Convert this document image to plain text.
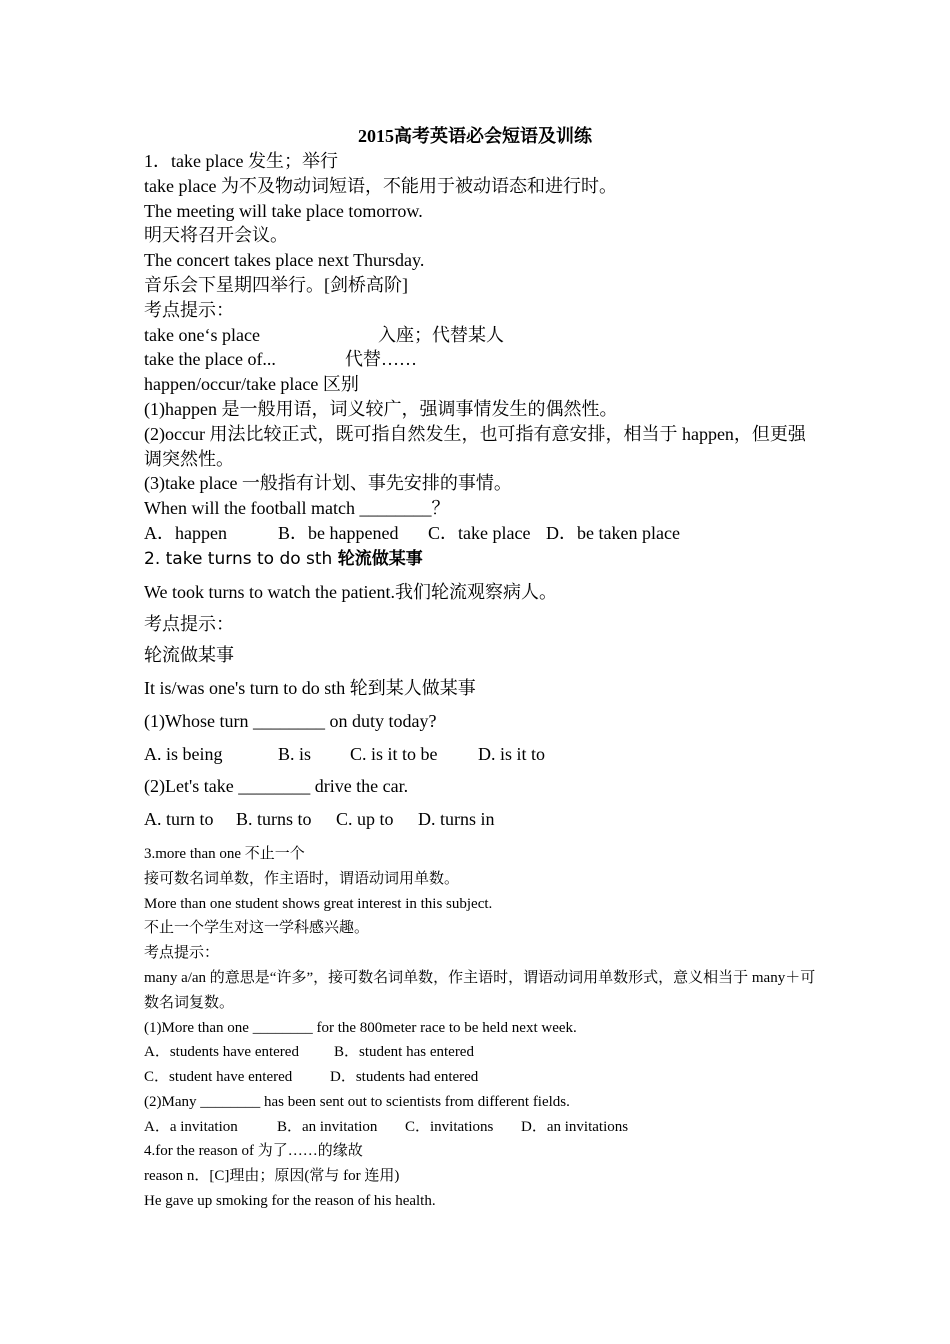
2015高考英语必会短语及训练
1．take place 发生；举行
take place 为不及物动词短语，不能用于被动语态和进行时。
The meeting will take place tomorrow.
明天将召开会议。
The concert takes place next Thursday.
音乐会下星期四举行。[剑桥高阶]
考点提示：
take one‘s place	入座；代替某人
take the place of...	代替……
happen/occur/take place 区别
(1)happen 是一般用语，词义较广，强调事情发生的偶然性。
(2)occur 用法比较正式，既可指自然发生，也可指有意安排，相当于 happen，但更强调突然性。
(3)take place 一般指有计划、事先安排的事情。
When will the football match ________？
A．happen	B．be happened C．take place D．be taken place
2. take turns to do sth 轮流做某事
We took turns to watch the patient.我们轮流观察病人。
考点提示：
轮流做某事
It is/was one's turn to do sth 轮到某人做某事
(1)Whose turn ________ on duty today?
A. is being	B. is C. is it to be D. is it to
(2)Let's take ________ drive the car.
A. turn to B. turns to C. up to D. turns in
3.more than one 不止一个
接可数名词单数，作主语时，谓语动词用单数。
More than one student shows great interest in this subject.
不止一个学生对这一学科感兴趣。
考点提示：
many a/an 的意思是“许多”，接可数名词单数，作主语时，谓语动词用单数形式，意义相当于 many＋可数名词复数。
(1)More than one ________ for the 800meter race to be held next week.
A．students have entered B．student has entered
C．student have entered	D．students had entered
(2)Many ________ has been sent out to scientists from different fields.
A．a invitation	B．an invitation C．invitations D．an invitations
4.for the reason of 为了……的缘故
reason n．[C]理由；原因(常与 for 连用)
He gave up smoking for the reason of his health.
